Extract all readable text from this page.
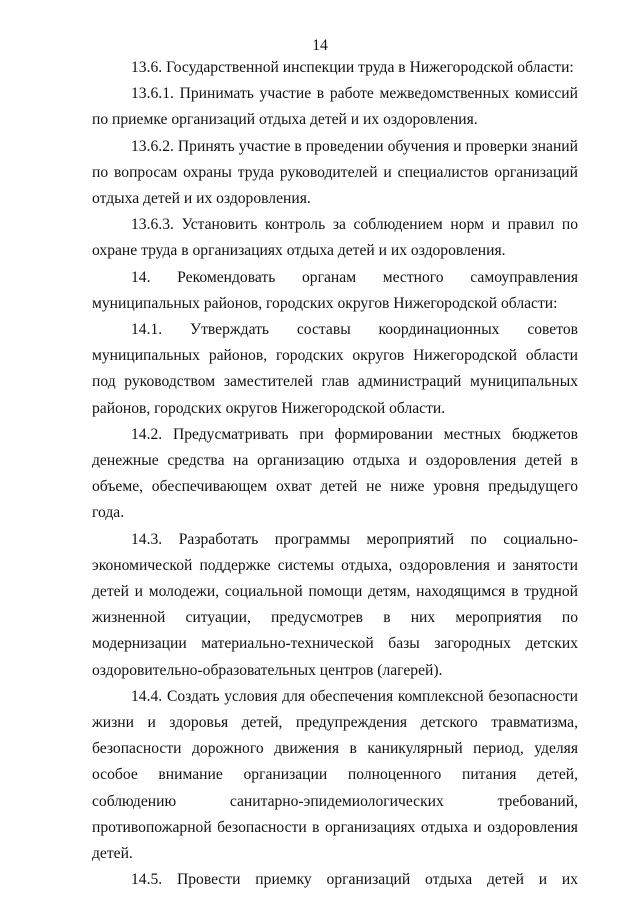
14

13.6. Государственной инспекции труда в Нижегородской области:

13.6.1. Принимать участие в работе межведомственных комиссий по приемке организаций отдыха детей и их оздоровления.

13.6.2. Принять участие в проведении обучения и проверки знаний по вопросам охраны труда руководителей и специалистов организаций отдыха детей и их оздоровления.

13.6.3. Установить контроль за соблюдением норм и правил по охране труда в организациях отдыха детей и их оздоровления.

14. Рекомендовать органам местного самоуправления муниципальных районов, городских округов Нижегородской области:

14.1. Утверждать составы координационных советов муниципальных районов, городских округов Нижегородской области под руководством заместителей глав администраций муниципальных районов, городских округов Нижегородской области.

14.2. Предусматривать при формировании местных бюджетов денежные средства на организацию отдыха и оздоровления детей в объеме, обеспечивающем охват детей не ниже уровня предыдущего года.

14.3. Разработать программы мероприятий по социально-экономической поддержке системы отдыха, оздоровления и занятости детей и молодежи, социальной помощи детям, находящимся в трудной жизненной ситуации, предусмотрев в них мероприятия по модернизации материально-технической базы загородных детских оздоровительно-образовательных центров (лагерей).

14.4. Создать условия для обеспечения комплексной безопасности жизни и здоровья детей, предупреждения детского травматизма, безопасности дорожного движения в каникулярный период, уделяя особое внимание организации полноценного питания детей, соблюдению санитарно-эпидемиологических требований, противопожарной безопасности в организациях отдыха и оздоровления детей.

14.5. Провести приемку организаций отдыха детей и их
